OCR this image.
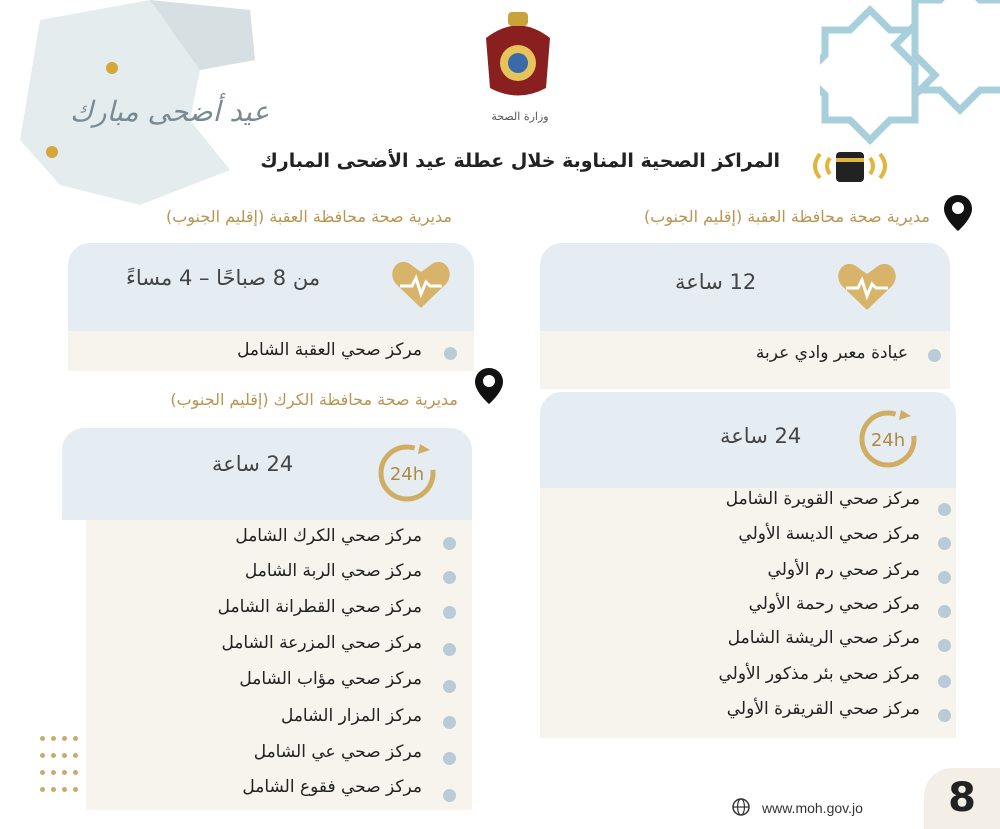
عيد أضحى مبارك	وزارة الصحة
المراكز الصحية المناوبة خلال عطلة عيد الأضحى المبارك
مديرية صحة محافظة العقبة (إقليم الجنوب)
12 ساعة
عيادة معبر وادي عربة
24 ساعة	24h
مركز صحي القويرة الشامل
مركز صحي الديسة الأولي
مركز صحي رم الأولي
مركز صحي رحمة الأولي
مركز صحي الريشة الشامل
مركز صحي بئر مذكور الأولي
مركز صحي القريقرة الأولي
مديرية صحة محافظة العقبة (إقليم الجنوب)
من 8 صباحًا – 4 مساءً
مركز صحي العقبة الشامل
مديرية صحة محافظة الكرك (إقليم الجنوب)
24 ساعة	24h
مركز صحي الكرك الشامل
مركز صحي الربة الشامل
مركز صحي القطرانة الشامل
مركز صحي المزرعة الشامل
مركز صحي مؤاب الشامل
مركز المزار الشامل
مركز صحي عي الشامل
مركز صحي فقوع الشامل
www.moh.gov.jo	8
